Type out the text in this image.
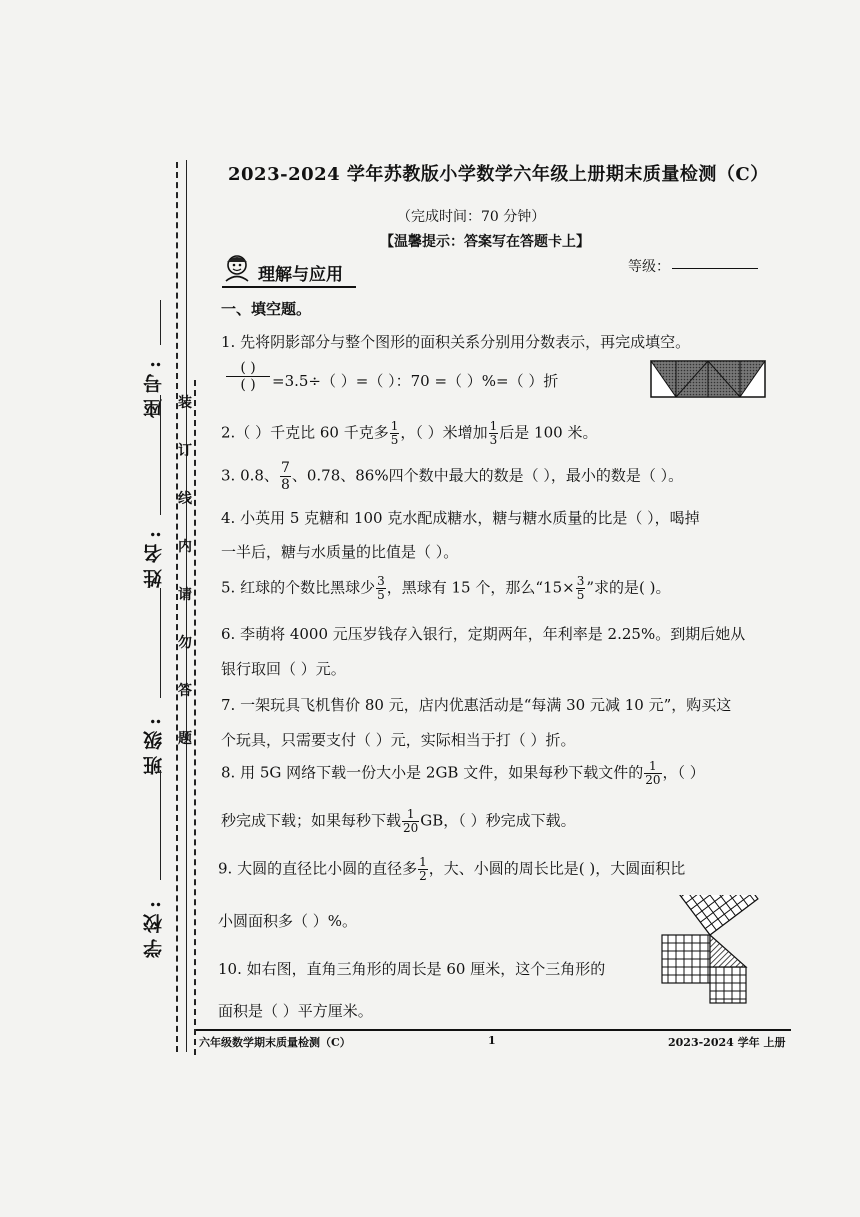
座号:
姓名:
班级:
学校:
装
订
线
内
请
勿
答
题
2023-2024 学年苏教版小学数学六年级上册期末质量检测（C）
（完成时间：70 分钟）
【温馨提示：答案写在答题卡上】
理解与应用	等级：
一、填空题。
1. 先将阴影部分与整个图形的面积关系分别用分数表示，再完成填空。
( )
( )	=3.5÷（ ）=（ ）：70 =（ ）%=（ ）折
2.（ ）千克比 60 千克多 $\frac{1}{5}$ ，（ ）米增加 $\frac{1}{3}$ 后是 100 米。
3. 0.8、 $\frac{7}{8}$ 、0.78、86%四个数中最大的数是（ ），最小的数是（ ）。
4. 小英用 5 克糖和 100 克水配成糖水，糖与糖水质量的比是（ ），喝掉
一半后，糖与水质量的比值是（ ）。
5. 红球的个数比黑球少 $\frac{3}{5}$ ，黑球有 15 个，那么“$15\times \frac{3}{5}$ ”求的是( )。
6. 李萌将 4000 元压岁钱存入银行，定期两年，年利率是 2.25%。到期后她从
银行取回（ ）元。
7. 一架玩具飞机售价 80 元，店内优惠活动是“每满 30 元减 10 元”，购买这
个玩具，只需要支付（ ）元，实际相当于打（ ）折。
8. 用 5G 网络下载一份大小是 2GB 文件，如果每秒下载文件的 $\frac{1}{20}$ ，（ ）
秒完成下载；如果每秒下载 $\frac{1}{20}$ GB，（ ）秒完成下载。
9. 大圆的直径比小圆的直径多 $\frac{1}{2}$ ，大、小圆的周长比是( )，大圆面积比
小圆面积多（ ）%。
10. 如右图，直角三角形的周长是 60 厘米，这个三角形的
面积是（ ）平方厘米。
六年级数学期末质量检测（C）	1	2023-2024 学年 上册
